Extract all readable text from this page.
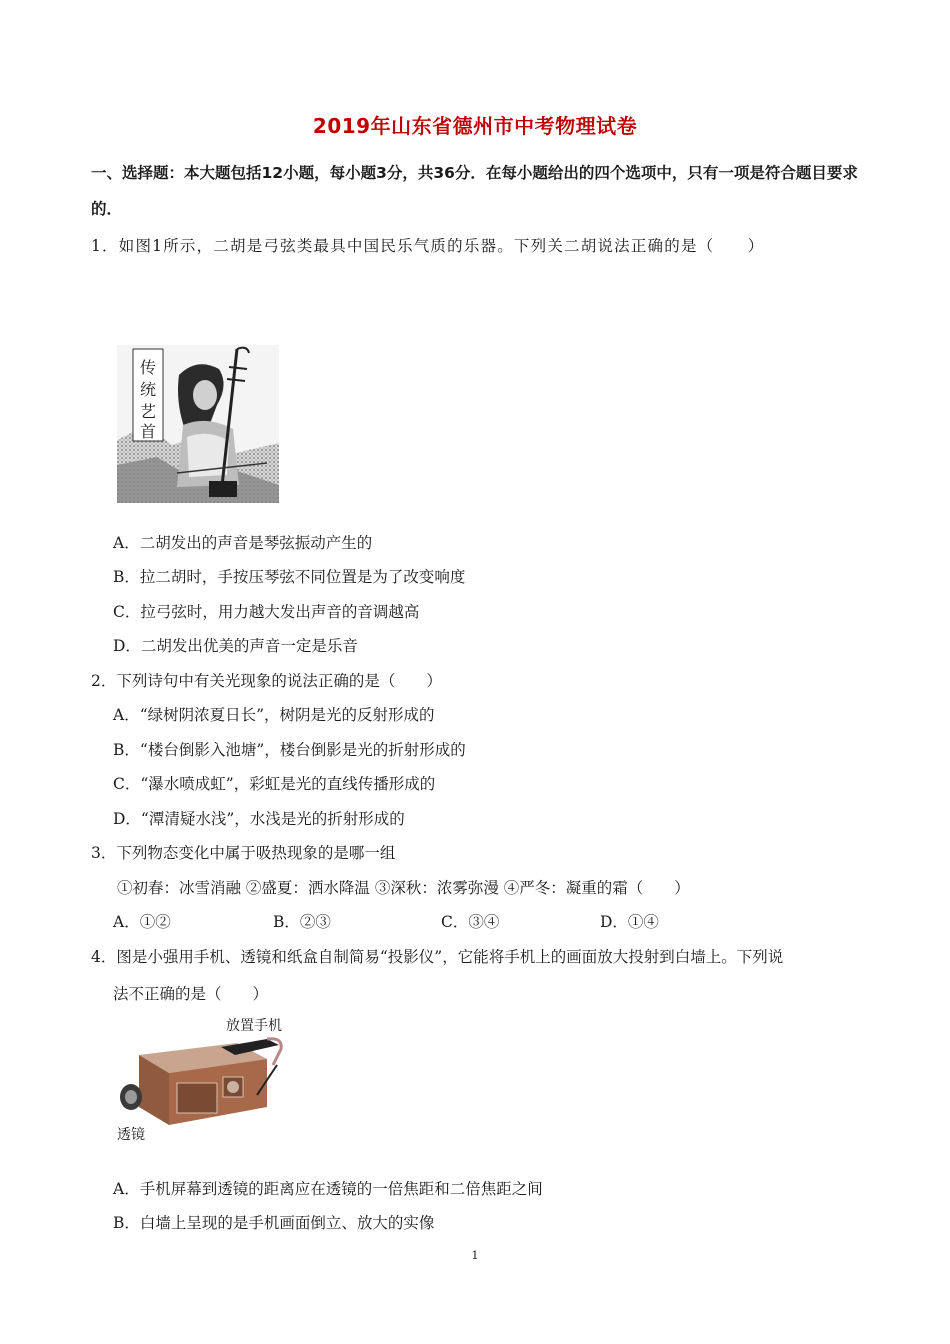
2019年山东省德州市中考物理试卷
一、选择题：本大题包括12小题，每小题3分，共36分．在每小题给出的四个选项中，只有一项是符合题目要求的．
1．如图1所示，二胡是弓弦类最具中国民乐气质的乐器。下列关二胡说法正确的是（　　）
传
统
艺
首
A．二胡发出的声音是琴弦振动产生的
B．拉二胡时，手按压琴弦不同位置是为了改变响度
C．拉弓弦时，用力越大发出声音的音调越高
D．二胡发出优美的声音一定是乐音
2．下列诗句中有关光现象的说法正确的是（　　）
A．“绿树阴浓夏日长”，树阴是光的反射形成的
B．“楼台倒影入池塘”，楼台倒影是光的折射形成的
C．“瀑水喷成虹”，彩虹是光的直线传播形成的
D．“潭清疑水浅”，水浅是光的折射形成的
3．下列物态变化中属于吸热现象的是哪一组
①初春：冰雪消融 ②盛夏：洒水降温 ③深秋：浓雾弥漫 ④严冬：凝重的霜（　　）
A．①②	B．②③	C．③④	D．①④
4．图是小强用手机、透镜和纸盒自制简易“投影仪”，它能将手机上的画面放大投射到白墙上。下列说
法不正确的是（　　）
放置手机
透镜
A．手机屏幕到透镜的距离应在透镜的一倍焦距和二倍焦距之间
B．白墙上呈现的是手机画面倒立、放大的实像
1
